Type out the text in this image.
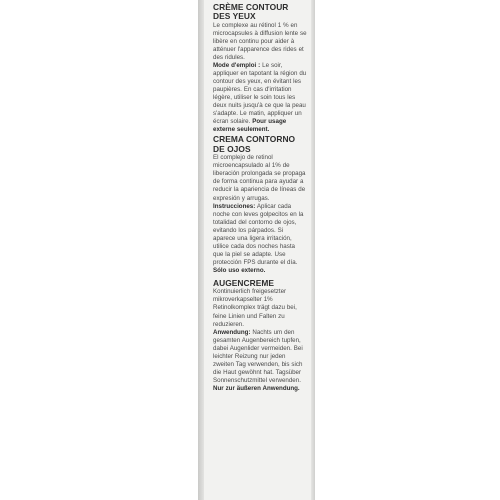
CRÈME CONTOUR DES YEUX
Le complexe au rétinol 1 % en microcapsules à diffusion lente se libère en continu pour aider à atténuer l'apparence des rides et des ridules.
Mode d'emploi : Le soir, appliquer en tapotant la région du contour des yeux, en évitant les paupières. En cas d'irritation légère, utiliser le soin tous les deux nuits jusqu'à ce que la peau s'adapte. Le matin, appliquer un écran solaire. Pour usage externe seulement.
CREMA CONTORNO DE OJOS
El complejo de retinol microencapsulado al 1% de liberación prolongada se propaga de forma continua para ayudar a reducir la apariencia de líneas de expresión y arrugas.
Instrucciones: Aplicar cada noche con leves golpecitos en la totalidad del contorno de ojos, evitando los párpados. Si aparece una ligera irritación, utilice cada dos noches hasta que la piel se adapte. Use protección FPS durante el día. Sólo uso externo.
AUGENCREME
Kontinuierlich freigesetzter mikroverkapselter 1% Retinolkomplex trägt dazu bei, feine Linien und Falten zu reduzieren.
Anwendung: Nachts um den gesamten Augenbereich tupfen, dabei Augenlider vermeiden. Bei leichter Reizung nur jeden zweiten Tag verwenden, bis sich die Haut gewöhnt hat. Tagsüber Sonnenschutzmittel verwenden. Nur zur äußeren Anwendung.
